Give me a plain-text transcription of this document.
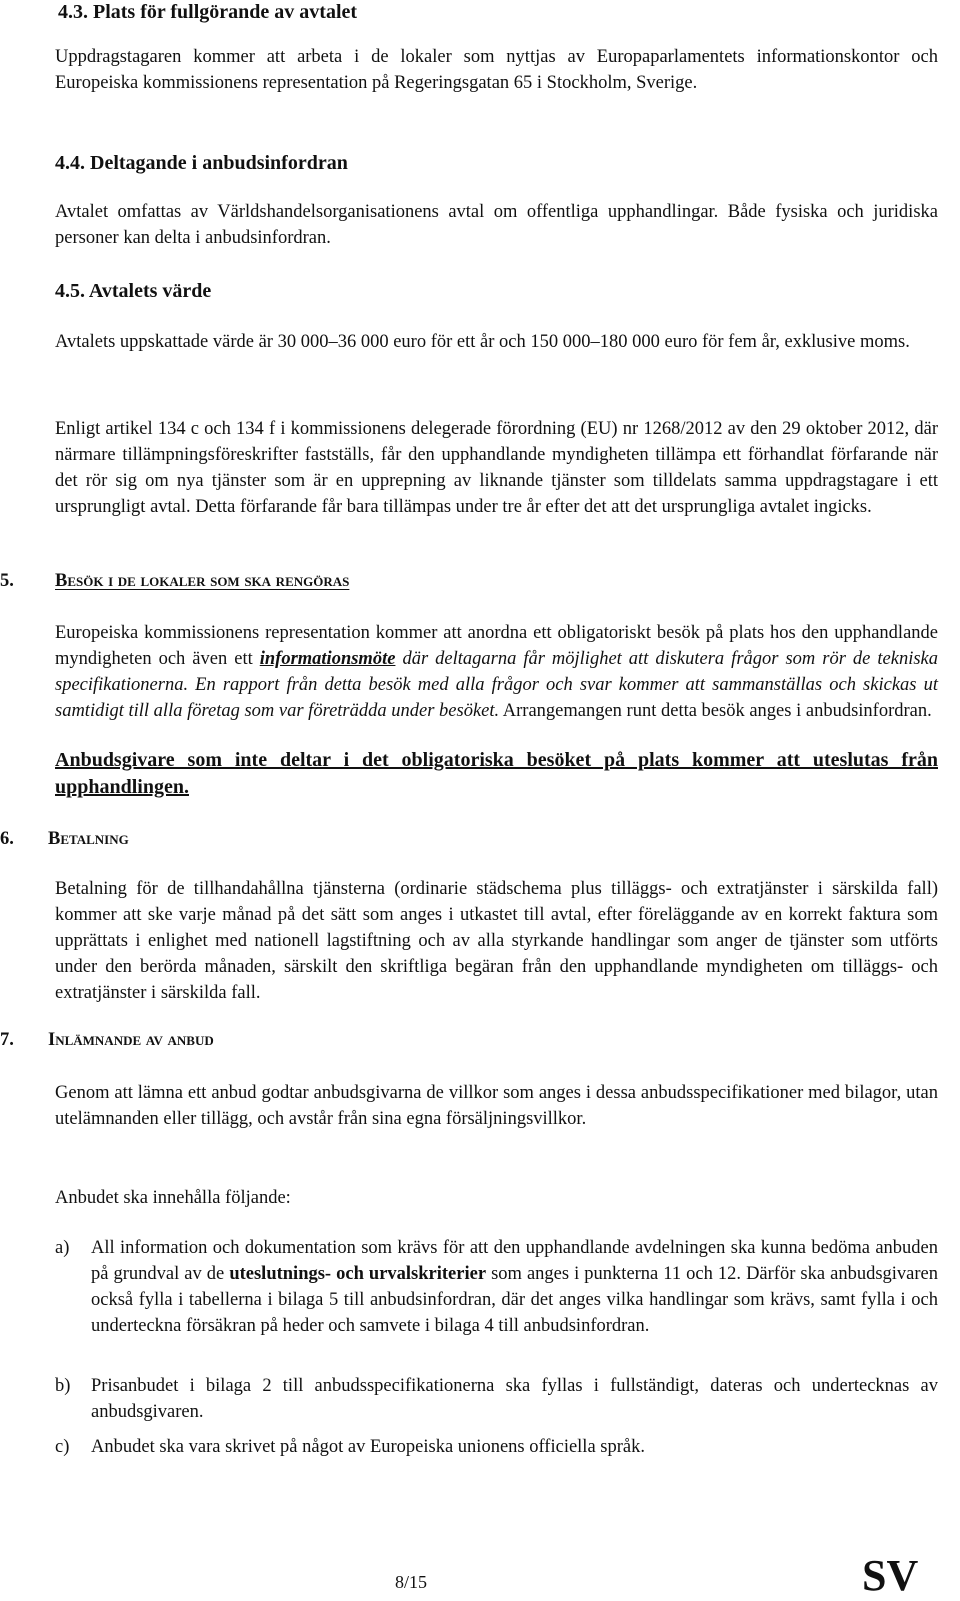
4.3. Plats för fullgörande av avtalet
Uppdragstagaren kommer att arbeta i de lokaler som nyttjas av Europaparlamentets informationskontor och Europeiska kommissionens representation på Regeringsgatan 65 i Stockholm, Sverige.
4.4. Deltagande i anbudsinfordran
Avtalet omfattas av Världshandelsorganisationens avtal om offentliga upphandlingar. Både fysiska och juridiska personer kan delta i anbudsinfordran.
4.5. Avtalets värde
Avtalets uppskattade värde är 30 000–36 000 euro för ett år och 150 000–180 000 euro för fem år, exklusive moms.
Enligt artikel 134 c och 134 f i kommissionens delegerade förordning (EU) nr 1268/2012 av den 29 oktober 2012, där närmare tillämpningsföreskrifter fastställs, får den upphandlande myndigheten tillämpa ett förhandlat förfarande när det rör sig om nya tjänster som är en upprepning av liknande tjänster som tilldelats samma uppdragstagare i ett ursprungligt avtal. Detta förfarande får bara tillämpas under tre år efter det att det ursprungliga avtalet ingicks.
5. Besök i de lokaler som ska rengöras
Europeiska kommissionens representation kommer att anordna ett obligatoriskt besök på plats hos den upphandlande myndigheten och även ett informationsmöte där deltagarna får möjlighet att diskutera frågor som rör de tekniska specifikationerna. En rapport från detta besök med alla frågor och svar kommer att sammanställas och skickas ut samtidigt till alla företag som var företrädda under besöket. Arrangemangen runt detta besök anges i anbudsinfordran.
Anbudsgivare som inte deltar i det obligatoriska besöket på plats kommer att uteslutas från upphandlingen.
6. Betalning
Betalning för de tillhandahållna tjänsterna (ordinarie städschema plus tilläggs- och extratjänster i särskilda fall) kommer att ske varje månad på det sätt som anges i utkastet till avtal, efter föreläggande av en korrekt faktura som upprättats i enlighet med nationell lagstiftning och av alla styrkande handlingar som anger de tjänster som utförts under den berörda månaden, särskilt den skriftliga begäran från den upphandlande myndigheten om tilläggs- och extratjänster i särskilda fall.
7. Inlämnande av anbud
Genom att lämna ett anbud godtar anbudsgivarna de villkor som anges i dessa anbudsspecifikationer med bilagor, utan utelämnanden eller tillägg, och avstår från sina egna försäljningsvillkor.
Anbudet ska innehålla följande:
a) All information och dokumentation som krävs för att den upphandlande avdelningen ska kunna bedöma anbuden på grundval av de uteslutnings- och urvalskriterier som anges i punkterna 11 och 12. Därför ska anbudsgivaren också fylla i tabellerna i bilaga 5 till anbudsinfordran, där det anges vilka handlingar som krävs, samt fylla i och underteckna försäkran på heder och samvete i bilaga 4 till anbudsinfordran.
b) Prisanbudet i bilaga 2 till anbudsspecifikationerna ska fyllas i fullständigt, dateras och undertecknas av anbudsgivaren.
c) Anbudet ska vara skrivet på något av Europeiska unionens officiella språk.
8/15	SV
